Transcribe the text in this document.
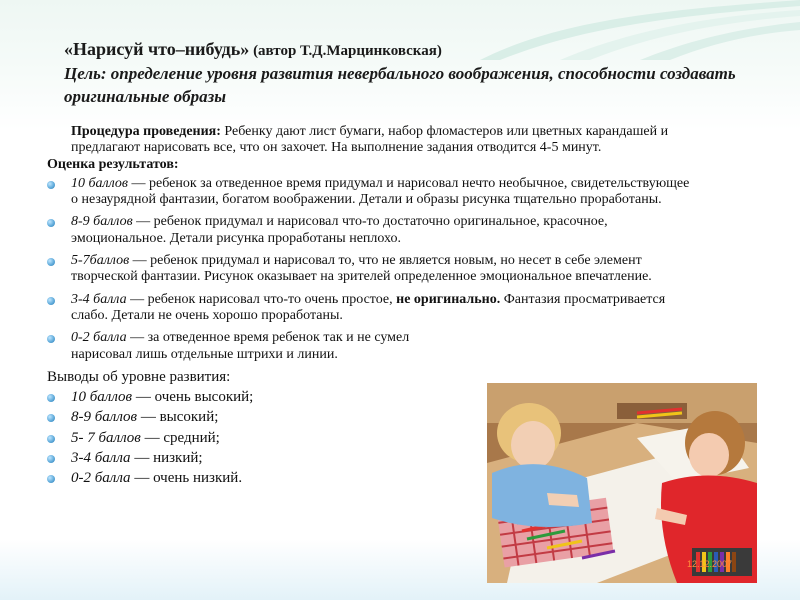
«Нарисуй что–нибудь» (автор Т.Д.Марцинковская)
Цель: определение уровня развития невербального воображения, способности создавать оригинальные образы

Процедура проведения: Ребенку дают лист бумаги, набор фломастеров или цветных карандашей и предлагают нарисовать все, что он захочет. На выполнение задания отводится 4-5 минут.

Оценка результатов:

10 баллов — ребенок за отведенное время придумал и нарисовал нечто необычное, свидетельствующее о незаурядной фантазии, богатом воображении. Детали и образы рисунка тщательно проработаны.
8-9 баллов — ребенок придумал и нарисовал что-то достаточно оригинальное, красочное, эмоциональное. Детали рисунка проработаны неплохо.
5-7баллов — ребенок придумал и нарисовал то, что не является новым, но несет в себе элемент творческой фантазии. Рисунок оказывает на зрителей определенное эмоциональное впечатление.
3-4 балла — ребенок нарисовал что-то очень простое, не оригинально. Фантазия просматривается слабо. Детали не очень хорошо проработаны.
0-2 балла — за отведенное время ребенок так и не сумел
нарисовал лишь отдельные штрихи и линии.

Выводы об уровне развития:

10 баллов — очень высокий;
8-9 баллов — высокий;
5- 7 баллов — средний;
3-4 балла — низкий;
0-2 балла — очень низкий.
12.12.2007
